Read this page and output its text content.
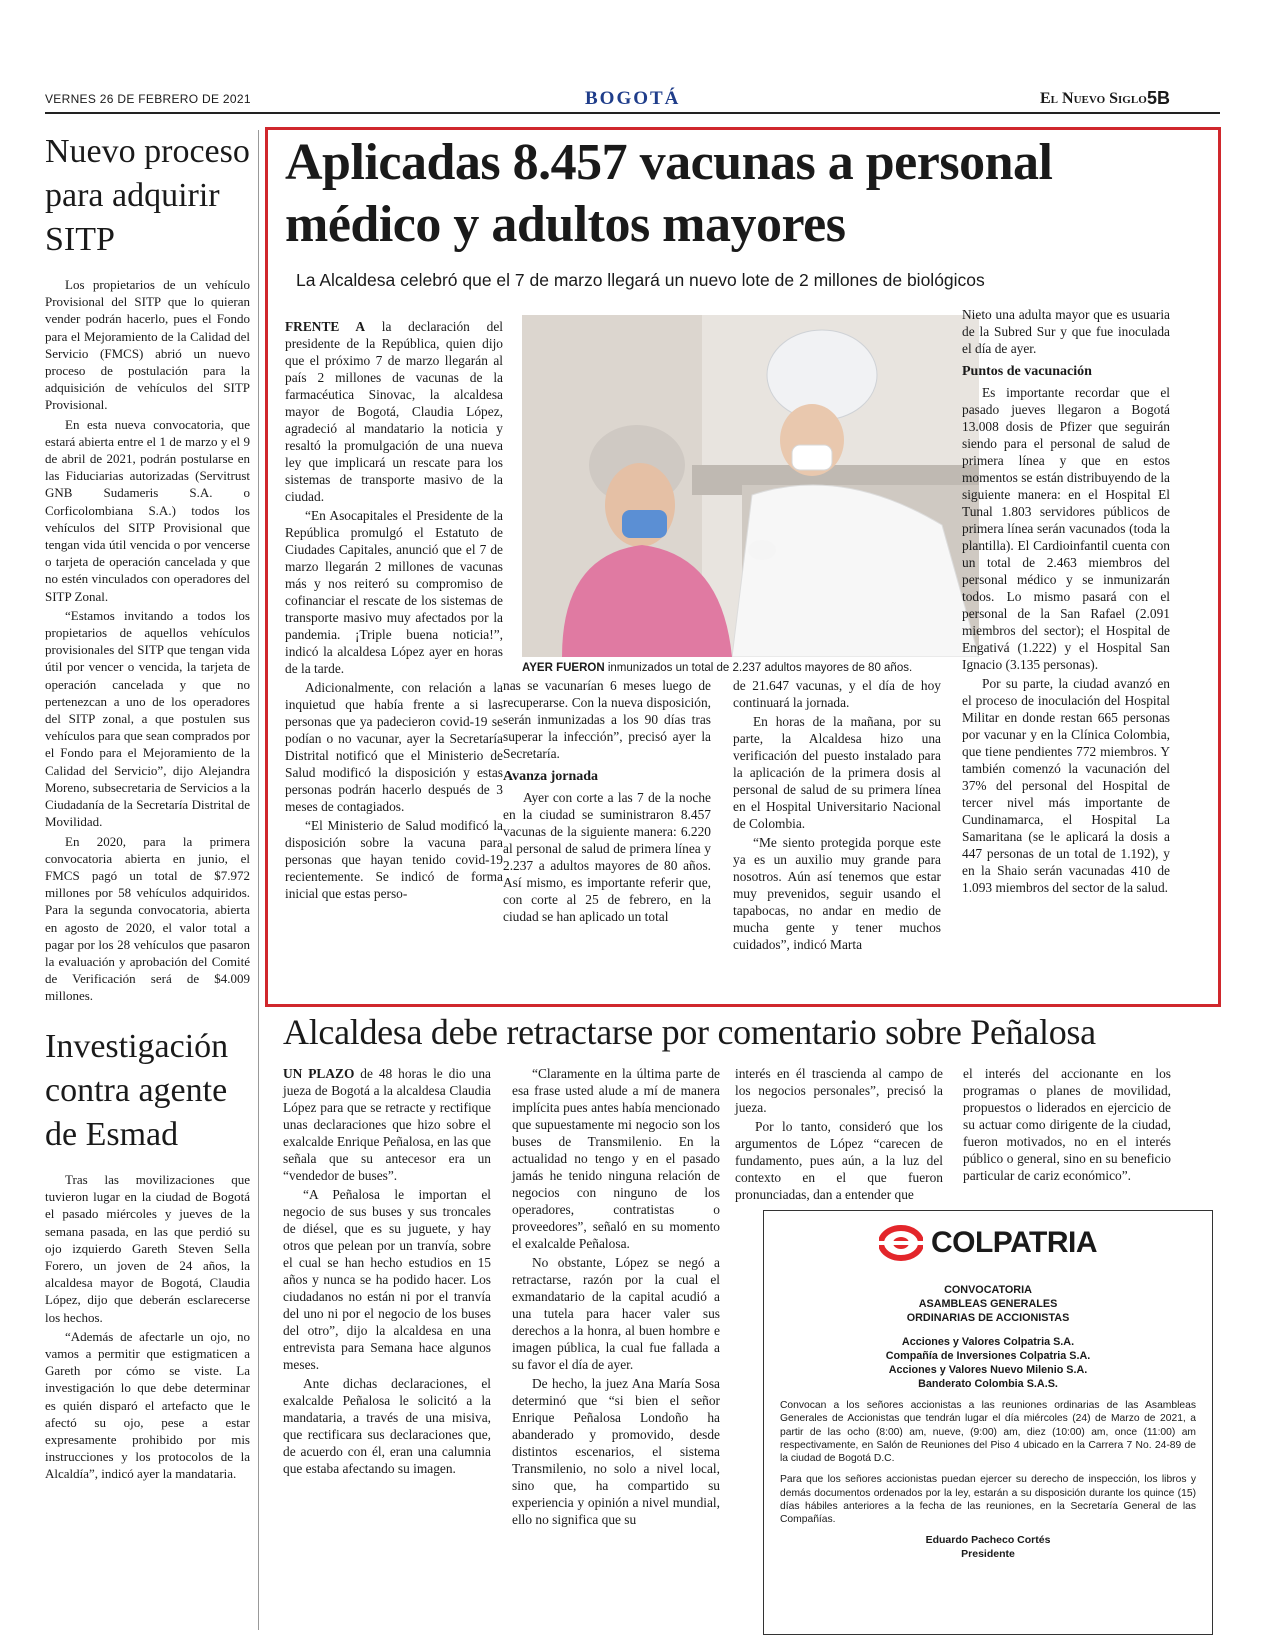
VERNES 26 DE FEBRERO DE 2021	BOGOTÁ	El Nuevo Siglo 5B
Nuevo proceso para adquirir SITP

Los propietarios de un vehículo Provisional del SITP que lo quieran vender podrán hacerlo, pues el Fondo para el Mejoramiento de la Calidad del Servicio (FMCS) abrió un nuevo proceso de postulación para la adquisición de vehículos del SITP Provisional.

En esta nueva convocatoria, que estará abierta entre el 1 de marzo y el 9 de abril de 2021, podrán postularse en las Fiduciarias autorizadas (Servitrust GNB Sudameris S.A. o Corficolombiana S.A.) todos los vehículos del SITP Provisional que tengan vida útil vencida o por vencerse o tarjeta de operación cancelada y que no estén vinculados con operadores del SITP Zonal.

“Estamos invitando a todos los propietarios de aquellos vehículos provisionales del SITP que tengan vida útil por vencer o vencida, la tarjeta de operación cancelada y que no pertenezcan a uno de los operadores del SITP zonal, a que postulen sus vehículos para que sean comprados por el Fondo para el Mejoramiento de la Calidad del Servicio”, dijo Alejandra Moreno, subsecretaria de Servicios a la Ciudadanía de la Secretaría Distrital de Movilidad.

En 2020, para la primera convocatoria abierta en junio, el FMCS pagó un total de $7.972 millones por 58 vehículos adquiridos. Para la segunda convocatoria, abierta en agosto de 2020, el valor total a pagar por los 28 vehículos que pasaron la evaluación y aprobación del Comité de Verificación será de $4.009 millones.

Investigación contra agente de Esmad

Tras las movilizaciones que tuvieron lugar en la ciudad de Bogotá el pasado miércoles y jueves de la semana pasada, en las que perdió su ojo izquierdo Gareth Steven Sella Forero, un joven de 24 años, la alcaldesa mayor de Bogotá, Claudia López, dijo que deberán esclarecerse los hechos.

“Además de afectarle un ojo, no vamos a permitir que estigmaticen a Gareth por cómo se viste. La investigación lo que debe determinar es quién disparó el artefacto que le afectó su ojo, pese a estar expresamente prohibido por mis instrucciones y los protocolos de la Alcaldía”, indicó ayer la mandataria.

Aplicadas 8.457 vacunas a personal médico y adultos mayores
La Alcaldesa celebró que el 7 de marzo llegará un nuevo lote de 2 millones de biológicos

FRENTE A la declaración del presidente de la República, quien dijo que el próximo 7 de marzo llegarán al país 2 millones de vacunas de la farmacéutica Sinovac, la alcaldesa mayor de Bogotá, Claudia López, agradeció al mandatario la noticia y resaltó la promulgación de una nueva ley que implicará un rescate para los sistemas de transporte masivo de la ciudad.

“En Asocapitales el Presidente de la República promulgó el Estatuto de Ciudades Capitales, anunció que el 7 de marzo llegarán 2 millones de vacunas más y nos reiteró su compromiso de cofinanciar el rescate de los sistemas de transporte masivo muy afectados por la pandemia. ¡Triple buena noticia!”, indicó la alcaldesa López ayer en horas de la tarde.

Adicionalmente, con relación a la inquietud que había frente a si las personas que ya padecieron covid-19 se podían o no vacunar, ayer la Secretaría Distrital notificó que el Ministerio de Salud modificó la disposición y estas personas podrán hacerlo después de 3 meses de contagiados.

“El Ministerio de Salud modificó la disposición sobre la vacuna para personas que hayan tenido covid-19 recientemente. Se indicó de forma inicial que estas perso-

AYER FUERON inmunizados un total de 2.237 adultos mayores de 80 años.

nas se vacunarían 6 meses luego de recuperarse. Con la nueva disposición, serán inmunizadas a los 90 días tras superar la infección”, precisó ayer la Secretaría.

Avanza jornada

Ayer con corte a las 7 de la noche en la ciudad se suministraron 8.457 vacunas de la siguiente manera: 6.220 al personal de salud de primera línea y 2.237 a adultos mayores de 80 años. Así mismo, es importante referir que, con corte al 25 de febrero, en la ciudad se han aplicado un total

de 21.647 vacunas, y el día de hoy continuará la jornada.

En horas de la mañana, por su parte, la Alcaldesa hizo una verificación del puesto instalado para la aplicación de la primera dosis al personal de salud de su primera línea en el Hospital Universitario Nacional de Colombia.

“Me siento protegida porque este ya es un auxilio muy grande para nosotros. Aún así tenemos que estar muy prevenidos, seguir usando el tapabocas, no andar en medio de mucha gente y tener muchos cuidados”, indicó Marta

Nieto una adulta mayor que es usuaria de la Subred Sur y que fue inoculada el día de ayer.

Puntos de vacunación

Es importante recordar que el pasado jueves llegaron a Bogotá 13.008 dosis de Pfizer que seguirán siendo para el personal de salud de primera línea y que en estos momentos se están distribuyendo de la siguiente manera: en el Hospital El Tunal 1.803 servidores públicos de primera línea serán vacunados (toda la plantilla). El Cardioinfantil cuenta con un total de 2.463 miembros del personal médico y se inmunizarán todos. Lo mismo pasará con el personal de la San Rafael (2.091 miembros del sector); el Hospital de Engativá (1.222) y el Hospital San Ignacio (3.135 personas).

Por su parte, la ciudad avanzó en el proceso de inoculación del Hospital Militar en donde restan 665 personas por vacunar y en la Clínica Colombia, que tiene pendientes 772 miembros. Y también comenzó la vacunación del 37% del personal del Hospital de tercer nivel más importante de Cundinamarca, el Hospital La Samaritana (se le aplicará la dosis a 447 personas de un total de 1.192), y en la Shaio serán vacunadas 410 de 1.093 miembros del sector de la salud.

Alcaldesa debe retractarse por comentario sobre Peñalosa

UN PLAZO de 48 horas le dio una jueza de Bogotá a la alcaldesa Claudia López para que se retracte y rectifique unas declaraciones que hizo sobre el exalcalde Enrique Peñalosa, en las que señala que su antecesor era un “vendedor de buses”.

“A Peñalosa le importan el negocio de sus buses y sus troncales de diésel, que es su juguete, y hay otros que pelean por un tranvía, sobre el cual se han hecho estudios en 15 años y nunca se ha podido hacer. Los ciudadanos no están ni por el tranvía del uno ni por el negocio de los buses del otro”, dijo la alcaldesa en una entrevista para Semana hace algunos meses.

Ante dichas declaraciones, el exalcalde Peñalosa le solicitó a la mandataria, a través de una misiva, que rectificara sus declaraciones que, de acuerdo con él, eran una calumnia que estaba afectando su imagen.

“Claramente en la última parte de esa frase usted alude a mí de manera implícita pues antes había mencionado que supuestamente mi negocio son los buses de Transmilenio. En la actualidad no tengo y en el pasado jamás he tenido ninguna relación de negocios con ninguno de los operadores, contratistas o proveedores”, señaló en su momento el exalcalde Peñalosa.

No obstante, López se negó a retractarse, razón por la cual el exmandatario de la capital acudió a una tutela para hacer valer sus derechos a la honra, al buen hombre e imagen pública, la cual fue fallada a su favor el día de ayer.

De hecho, la juez Ana María Sosa determinó que “si bien el señor Enrique Peñalosa Londoño ha abanderado y promovido, desde distintos escenarios, el sistema Transmilenio, no solo a nivel local, sino que, ha compartido su experiencia y opinión a nivel mundial, ello no significa que su

interés en él trascienda al campo de los negocios personales”, precisó la jueza.

Por lo tanto, consideró que los argumentos de López “carecen de fundamento, pues aún, a la luz del contexto en el que fueron pronunciadas, dan a entender que

el interés del accionante en los programas o planes de movilidad, propuestos o liderados en ejercicio de su actuar como dirigente de la ciudad, fueron motivados, no en el interés público o general, sino en su beneficio particular de cariz económico”.

COLPATRIA
CONVOCATORIA
ASAMBLEAS GENERALES
ORDINARIAS DE ACCIONISTAS
Acciones y Valores Colpatria S.A.
Compañía de Inversiones Colpatria S.A.
Acciones y Valores Nuevo Milenio S.A.
Banderato Colombia S.A.S.
Convocan a los señores accionistas a las reuniones ordinarias de las Asambleas Generales de Accionistas que tendrán lugar el día miércoles (24) de Marzo de 2021, a partir de las ocho (8:00) am, nueve, (9:00) am, diez (10:00) am, once (11:00) am respectivamente, en Salón de Reuniones del Piso 4 ubicado en la Carrera 7 No. 24-89 de la ciudad de Bogotá D.C.
Para que los señores accionistas puedan ejercer su derecho de inspección, los libros y demás documentos ordenados por la ley, estarán a su disposición durante los quince (15) días hábiles anteriores a la fecha de las reuniones, en la Secretaría General de las Compañías.
Eduardo Pacheco Cortés
Presidente
